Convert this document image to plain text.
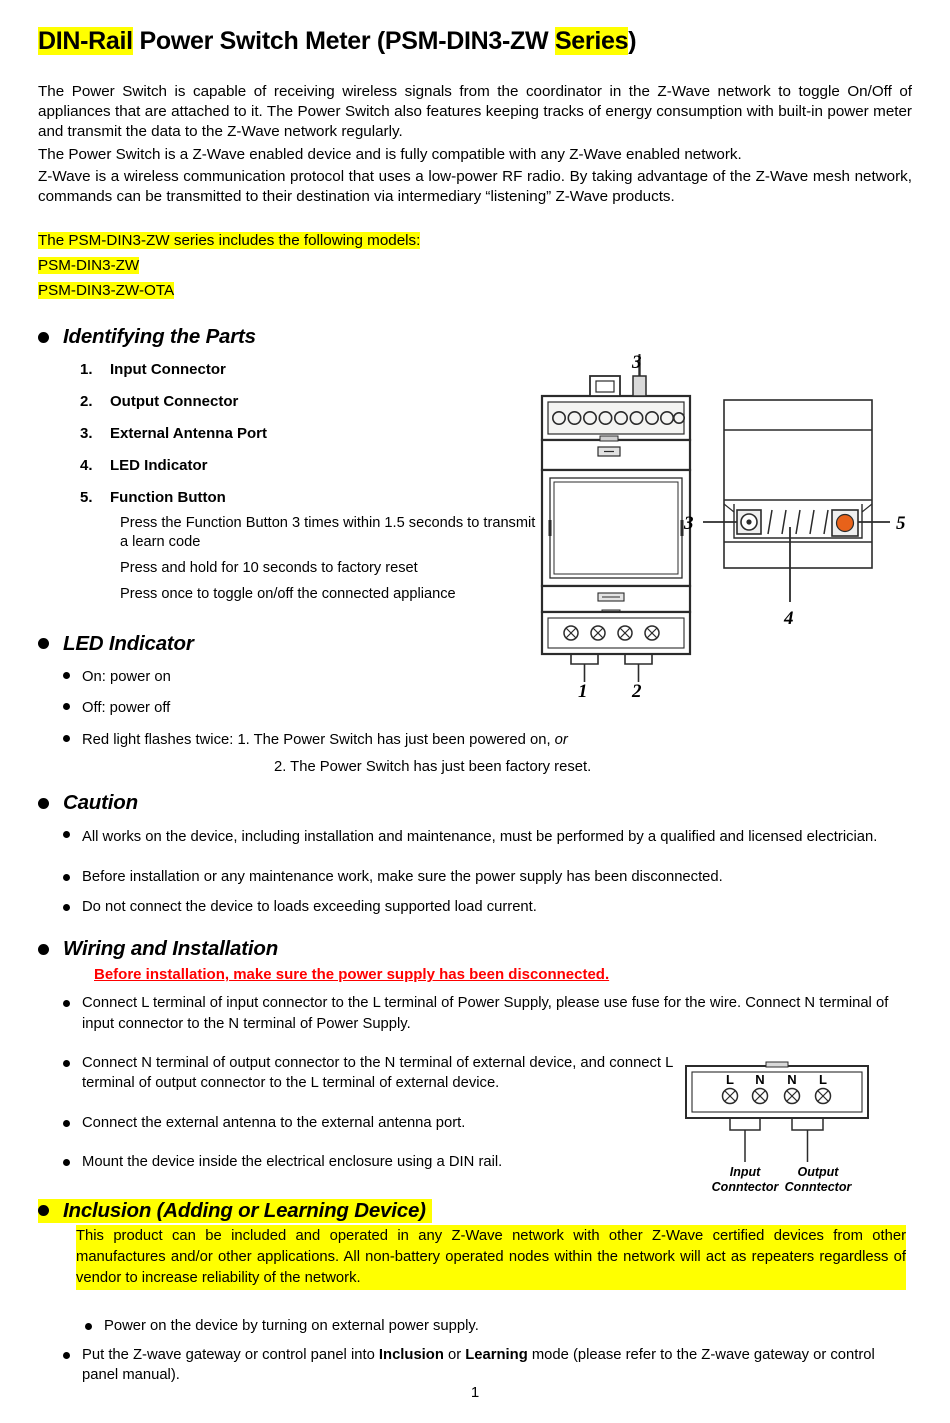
DIN-Rail Power Switch Meter (PSM-DIN3-ZW Series)

The Power Switch is capable of receiving wireless signals from the coordinator in the Z-Wave network to toggle On/Off of appliances that are attached to it. The Power Switch also features keeping tracks of energy consumption with built-in power meter and transmit the data to the Z-Wave network regularly.

The Power Switch is a Z-Wave enabled device and is fully compatible with any Z-Wave enabled network.

Z-Wave is a wireless communication protocol that uses a low-power RF radio. By taking advantage of the Z-Wave mesh network, commands can be transmitted to their destination via intermediary “listening” Z-Wave products.

The PSM-DIN3-ZW series includes the following models:
PSM-DIN3-ZW
PSM-DIN3-ZW-OTA
Identifying the Parts
1.	Input Connector
2.	Output Connector
3.	External Antenna Port
4.	LED Indicator
5.	Function Button
Press the Function Button 3 times within 1.5 seconds to transmit a learn code
Press and hold for 10 seconds to factory reset
Press once to toggle on/off the connected appliance
1 2
3
3
4
5
LED Indicator
On: power on
Off: power off
Red light flashes twice: 1. The Power Switch has just been powered on, or
2. The Power Switch has just been factory reset.
Caution
All works on the device, including installation and maintenance, must be performed by a qualified and licensed electrician.
Before installation or any maintenance work, make sure the power supply has been disconnected.
Do not connect the device to loads exceeding supported load current.
Wiring and Installation
Before installation, make sure the power supply has been disconnected.
Connect L terminal of input connector to the L terminal of Power Supply, please use fuse for the wire. Connect N terminal of input connector to the N terminal of Power Supply.
Connect N terminal of output connector to the N terminal of external device, and connect L terminal of output connector to the L terminal of external device.
Connect the external antenna to the external antenna port.
Mount the device inside the electrical enclosure using a DIN rail.
L N N L
Input
Conntector
Output
Conntector
Inclusion (Adding or Learning Device)
This product can be included and operated in any Z-Wave network with other Z-Wave certified devices from other manufactures and/or other applications. All non-battery operated nodes within the network will act as repeaters regardless of vendor to increase reliability of the network.
Power on the device by turning on external power supply.
Put the Z-wave gateway or control panel into Inclusion or Learning mode (please refer to the Z-wave gateway or control panel manual).
1
